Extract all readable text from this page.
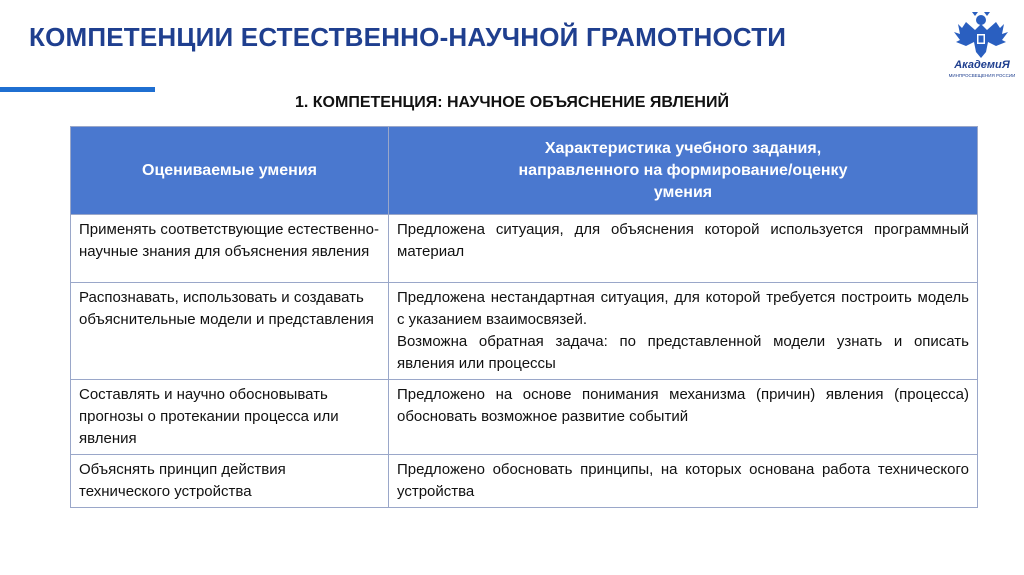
КОМПЕТЕНЦИИ ЕСТЕСТВЕННО-НАУЧНОЙ ГРАМОТНОСТИ
АкадемиЯ
МИНПРОСВЕЩЕНИЯ РОССИИ
1. КОМПЕТЕНЦИЯ: НАУЧНОЕ ОБЪЯСНЕНИЕ ЯВЛЕНИЙ
Оцениваемые умения	Характеристика учебного задания,
направленного на формирование/оценку
умения

Применять соответствующие естественно-научные знания для объяснения явления	Предложена ситуация, для объяснения которой используется программный материал

Распознавать, использовать и создавать объяснительные модели и представления	Предложена нестандартная ситуация, для которой требуется построить модель с указанием взаимосвязей.
Возможна обратная задача: по представленной модели узнать и описать явления или процессы

Составлять и научно обосновывать прогнозы о протекании процесса или явления	Предложено на основе понимания механизма (причин) явления (процесса) обосновать возможное развитие событий

Объяснять принцип действия технического устройства	Предложено обосновать принципы, на которых основана работа технического устройства
